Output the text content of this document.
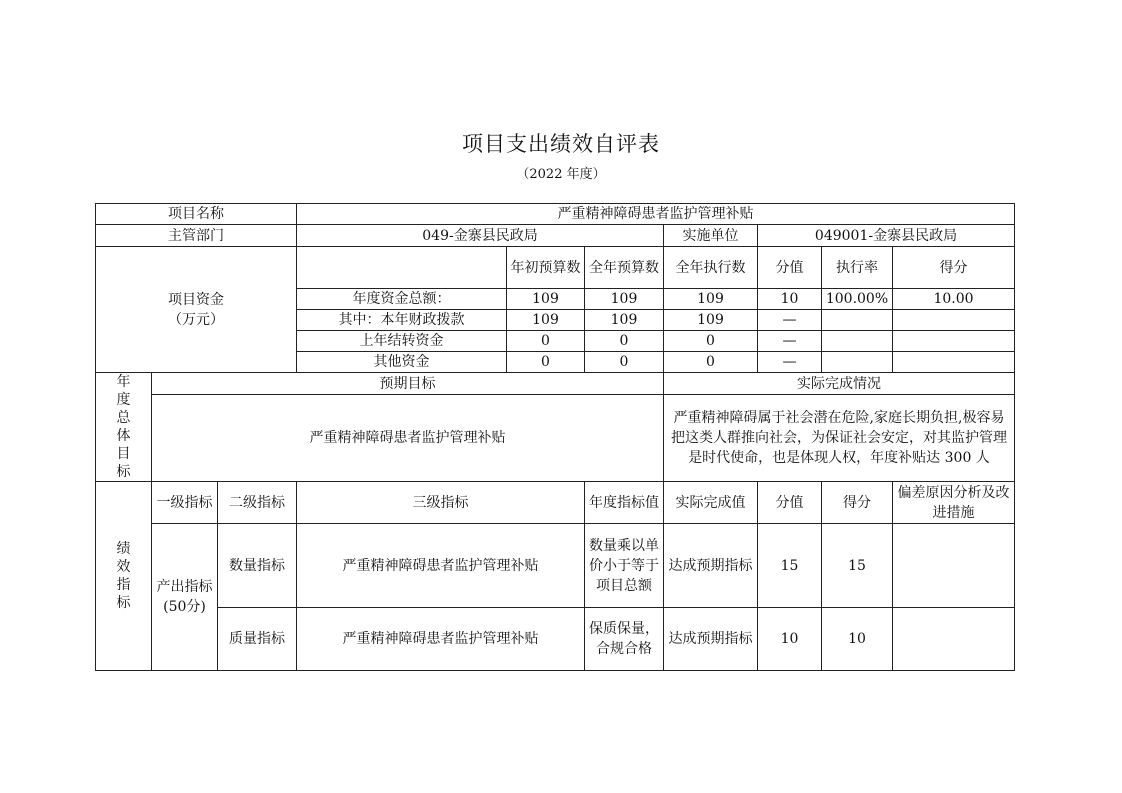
项目支出绩效自评表
（2022 年度）
项目名称			严重精神障碍患者监护管理补贴						
主管部门			049-金寨县民政局			实施单位	049001-金寨县民政局		

项目资金
（万元）				年初预算数	全年预算数	全年执行数	分值	执行率	得分
			年度资金总额：	109	109	109	10	100.00%	10.00
			其中：本年财政拨款	109	109	109	—		
			上年结转资金	0	0	0	—		
			其他资金	0	0	0	—		

年度总体目标	预期目标					实际完成情况			
	严重精神障碍患者监护管理补贴					严重精神障碍属于社会潜在危险,家庭长期负担,极容易把这类人群推向社会，为保证社会安定，对其监护管理是时代使命，也是体现人权，年度补贴达 300 人			

绩效指标	一级指标	二级指标	三级指标		年度指标值	实际完成值	分值	得分	偏差原因分析及改进措施
	产出指标(50分)	数量指标	严重精神障碍患者监护管理补贴		数量乘以单价小于等于项目总额	达成预期指标	15	15	
		质量指标	严重精神障碍患者监护管理补贴		保质保量，合规合格	达成预期指标	10	10	
